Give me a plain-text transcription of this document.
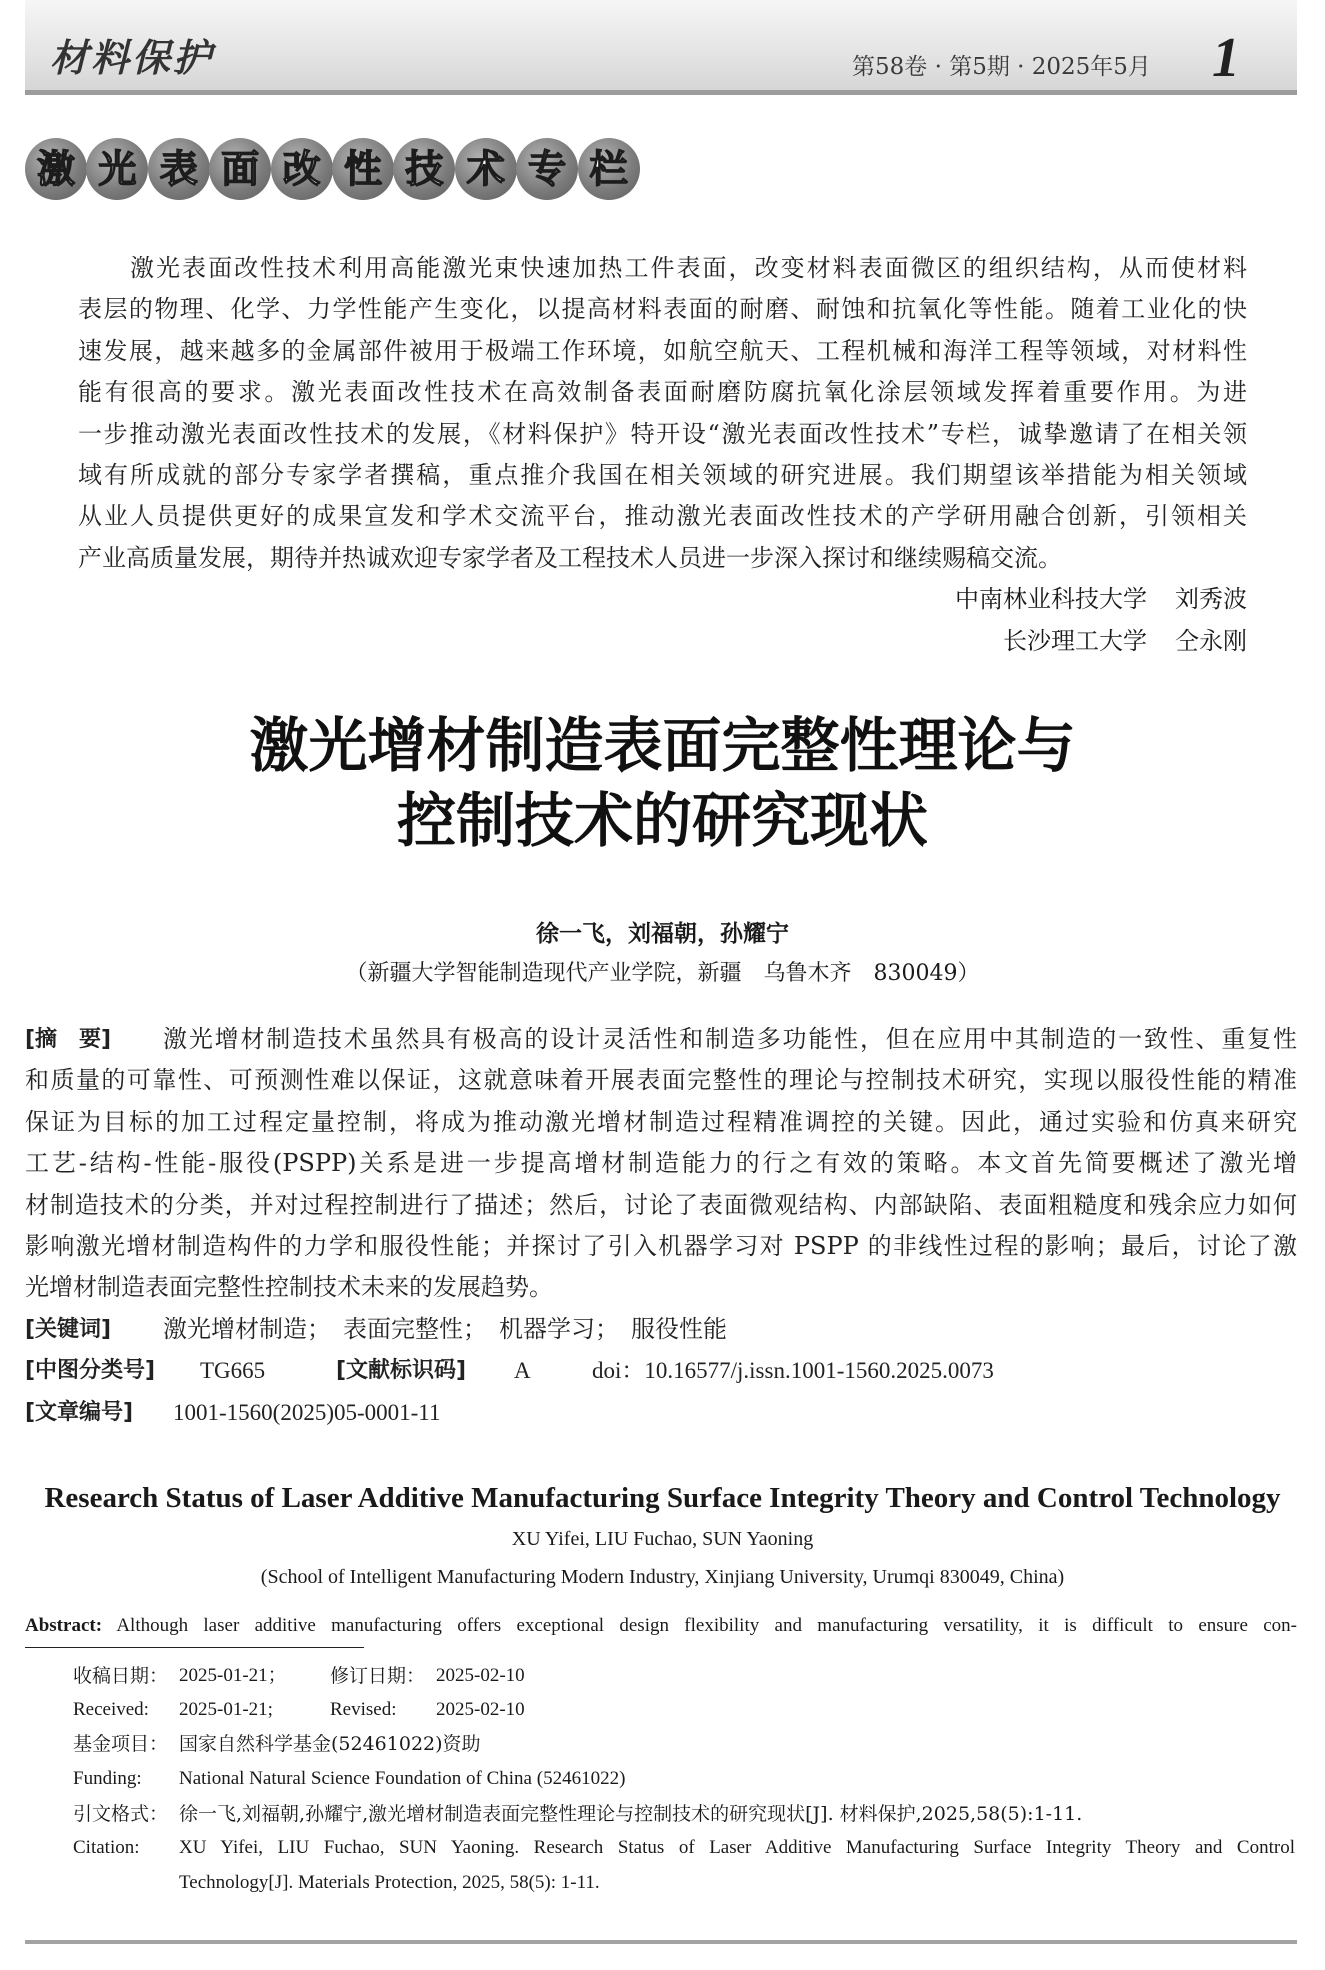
材料保护	第58卷 · 第5期 · 2025年5月 1
激 光 表 面 改 性 技 术 专 栏
激光表面改性技术利用高能激光束快速加热工件表面，改变材料表面微区的组织结构，从而使材料
表层的物理、化学、力学性能产生变化，以提高材料表面的耐磨、耐蚀和抗氧化等性能。随着工业化的快
速发展，越来越多的金属部件被用于极端工作环境，如航空航天、工程机械和海洋工程等领域，对材料性
能有很高的要求。激光表面改性技术在高效制备表面耐磨防腐抗氧化涂层领域发挥着重要作用。为进
一步推动激光表面改性技术的发展，《材料保护》特开设“激光表面改性技术”专栏，诚挚邀请了在相关领
域有所成就的部分专家学者撰稿，重点推介我国在相关领域的研究进展。我们期望该举措能为相关领域
从业人员提供更好的成果宣发和学术交流平台，推动激光表面改性技术的产学研用融合创新，引领相关
产业高质量发展，期待并热诚欢迎专家学者及工程技术人员进一步深入探讨和继续赐稿交流。
中南林业科技大学 刘秀波
长沙理工大学 仝永刚
激光增材制造表面完整性理论与
控制技术的研究现状
徐一飞，刘福朝，孙耀宁
（新疆大学智能制造现代产业学院，新疆　乌鲁木齐　830049）
[摘　要]	激光增材制造技术虽然具有极高的设计灵活性和制造多功能性，但在应用中其制造的一致性、重复性
和质量的可靠性、可预测性难以保证，这就意味着开展表面完整性的理论与控制技术研究，实现以服役性能的精准
保证为目标的加工过程定量控制，将成为推动激光增材制造过程精准调控的关键。因此，通过实验和仿真来研究
工艺-结构-性能-服役(PSPP)关系是进一步提高增材制造能力的行之有效的策略。本文首先简要概述了激光增
材制造技术的分类，并对过程控制进行了描述；然后，讨论了表面微观结构、内部缺陷、表面粗糙度和残余应力如何
影响激光增材制造构件的力学和服役性能；并探讨了引入机器学习对 PSPP 的非线性过程的影响；最后，讨论了激
光增材制造表面完整性控制技术未来的发展趋势。
[关键词] 激光增材制造；　表面完整性；　机器学习；　服役性能
[中图分类号] TG665	[文献标识码] A	doi：10.16577/j.issn.1001-1560.2025.0073
[文章编号] 1001-1560(2025)05-0001-11
Research Status of Laser Additive Manufacturing Surface Integrity Theory and Control Technology
XU Yifei, LIU Fuchao, SUN Yaoning
(School of Intelligent Manufacturing Modern Industry, Xinjiang University, Urumqi 830049, China)
Abstract: Although laser additive manufacturing offers exceptional design flexibility and manufacturing versatility, it is difficult to ensure con-
收稿日期： 2025-01-21； 修订日期： 2025-02-10
Received: 2025-01-21;	Revised: 2025-02-10
基金项目： 国家自然科学基金(52461022)资助
Funding: National Natural Science Foundation of China (52461022)
引文格式： 徐一飞,刘福朝,孙耀宁,激光增材制造表面完整性理论与控制技术的研究现状[J]. 材料保护,2025,58(5):1-11.
Citation: XU Yifei, LIU Fuchao, SUN Yaoning. Research Status of Laser Additive Manufacturing Surface Integrity Theory and Control
Technology[J]. Materials Protection, 2025, 58(5): 1-11.
